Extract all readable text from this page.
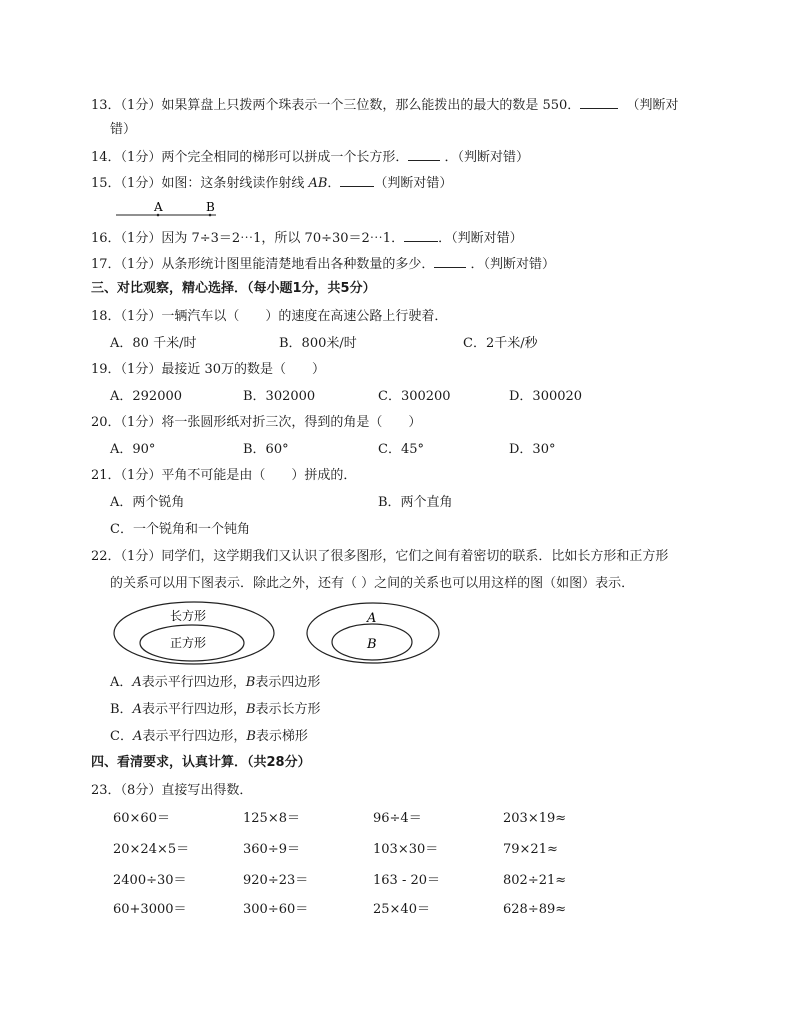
13．（1分）如果算盘上只拨两个珠表示一个三位数，那么能拨出的最大的数是 550．	（判断对
错）
14．（1分）两个完全相同的梯形可以拼成一个长方形．	．（判断对错）
15．（1分）如图：这条射线读作射线 AB．	（判断对错）
A	B
16．（1分）因为 7÷3＝2⋯1，所以 70÷30＝2⋯1．	．（判断对错）
17．（1分）从条形统计图里能清楚地看出各种数量的多少．	．（判断对错）
三、对比观察，精心选择．（每小题1分，共5分）
18．（1分）一辆汽车以（　　）的速度在高速公路上行驶着．
A．80 千米/时	B．800米/时	C．2千米/秒
19．（1分）最接近 30万的数是（　　）
A．292000	B．302000	C．300200	D．300020
20．（1分）将一张圆形纸对折三次，得到的角是（　　）
A．90°	B．60°	C．45°	D．30°
21．（1分）平角不可能是由（　　）拼成的．
A．两个锐角	B．两个直角
C．一个锐角和一个钝角
22．（1分）同学们，这学期我们又认识了很多图形，它们之间有着密切的联系．比如长方形和正方形
的关系可以用下图表示．除此之外，还有（ ）之间的关系也可以用这样的图（如图）表示．
长方形
正方形
A
B
A．A表示平行四边形，B表示四边形
B．A表示平行四边形，B表示长方形
C．A表示平行四边形，B表示梯形
四、看清要求，认真计算．（共28分）
23．（8分）直接写出得数．
60×60＝	125×8＝	96÷4＝	203×19≈
20×24×5＝	360÷9＝	103×30＝	79×21≈
2400÷30＝	920÷23＝	163 - 20＝	802÷21≈
60+3000＝	300÷60＝	25×40＝	628÷89≈
